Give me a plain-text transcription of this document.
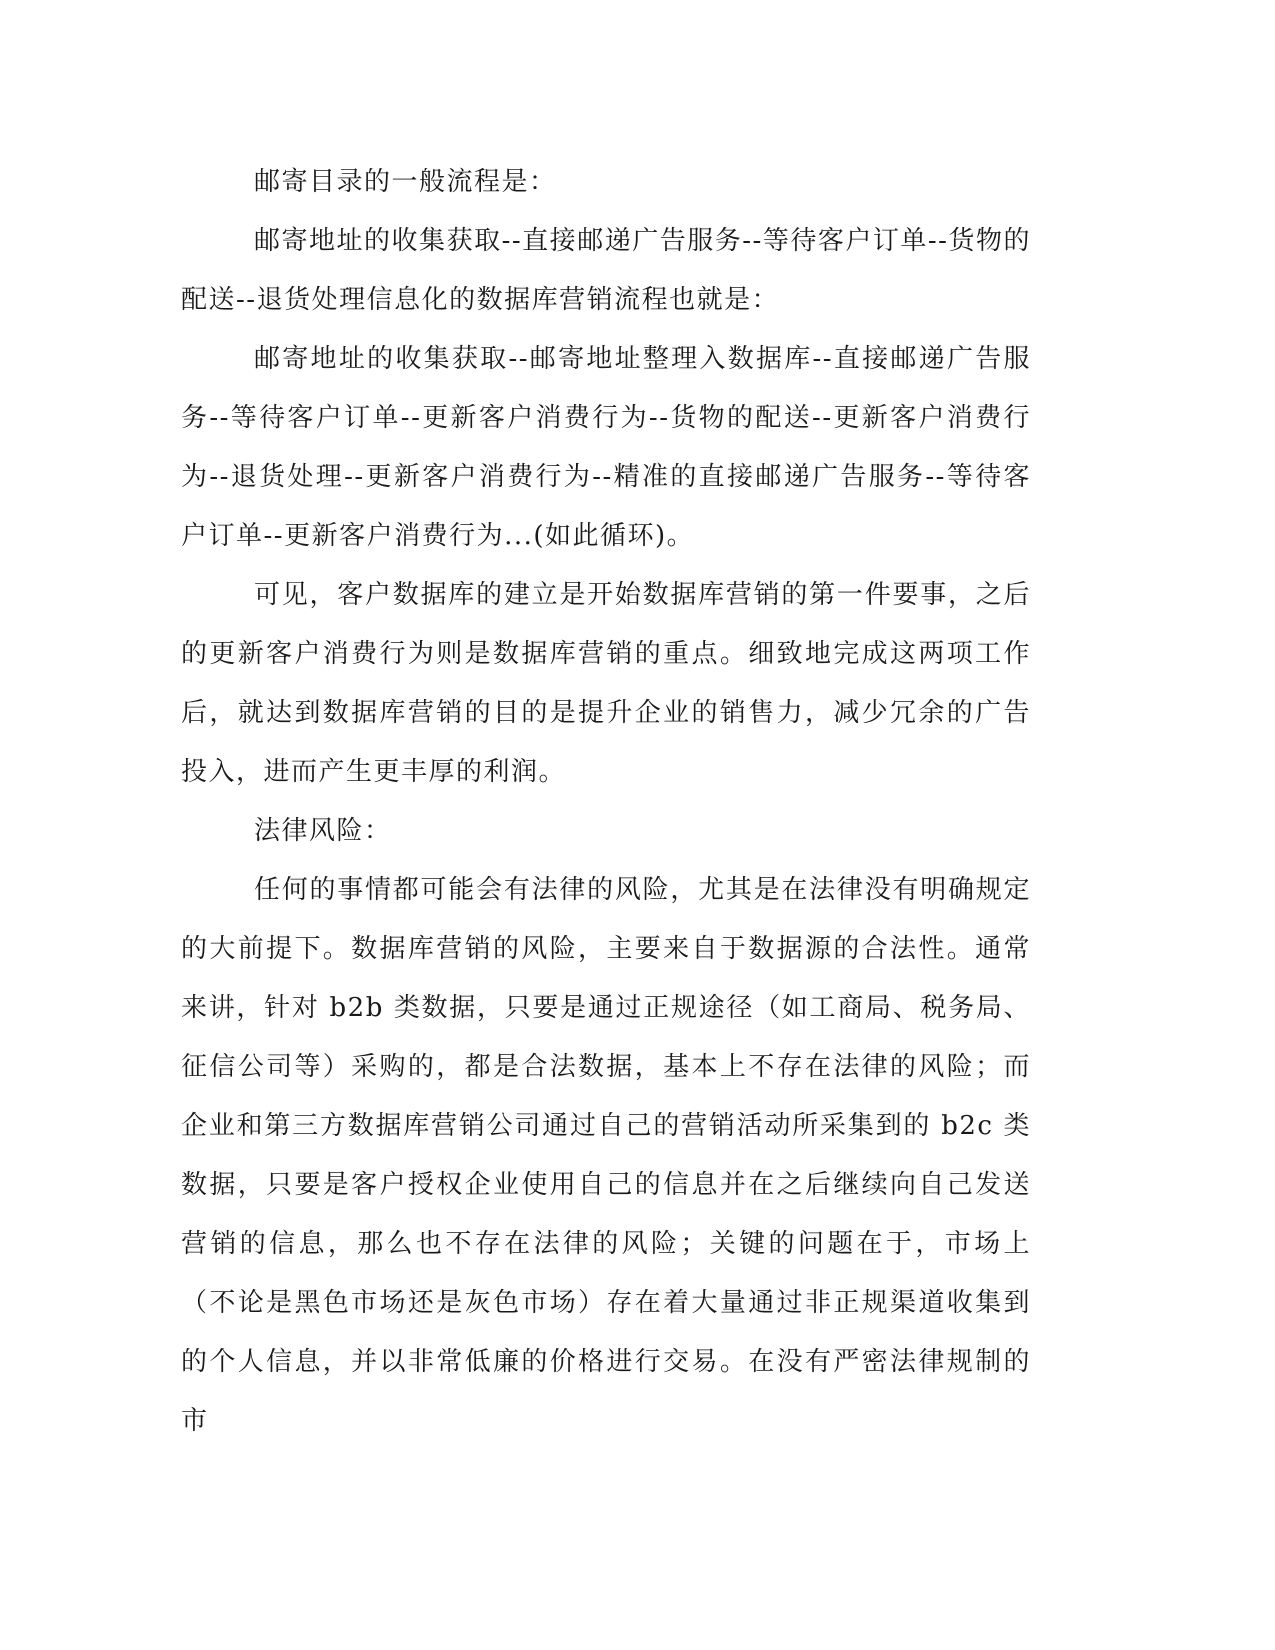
邮寄目录的一般流程是：

邮寄地址的收集获取--直接邮递广告服务--等待客户订单--货物的配送--退货处理信息化的数据库营销流程也就是：

邮寄地址的收集获取--邮寄地址整理入数据库--直接邮递广告服务--等待客户订单--更新客户消费行为--货物的配送--更新客户消费行为--退货处理--更新客户消费行为--精准的直接邮递广告服务--等待客户订单--更新客户消费行为...(如此循环)。

可见，客户数据库的建立是开始数据库营销的第一件要事，之后的更新客户消费行为则是数据库营销的重点。细致地完成这两项工作后，就达到数据库营销的目的是提升企业的销售力，减少冗余的广告投入，进而产生更丰厚的利润。

法律风险：

任何的事情都可能会有法律的风险，尤其是在法律没有明确规定的大前提下。数据库营销的风险，主要来自于数据源的合法性。通常来讲，针对 b2b 类数据，只要是通过正规途径（如工商局、税务局、征信公司等）采购的，都是合法数据，基本上不存在法律的风险；而企业和第三方数据库营销公司通过自己的营销活动所采集到的 b2c 类数据，只要是客户授权企业使用自己的信息并在之后继续向自己发送营销的信息，那么也不存在法律的风险；关键的问题在于，市场上（不论是黑色市场还是灰色市场）存在着大量通过非正规渠道收集到的个人信息，并以非常低廉的价格进行交易。在没有严密法律规制的市
